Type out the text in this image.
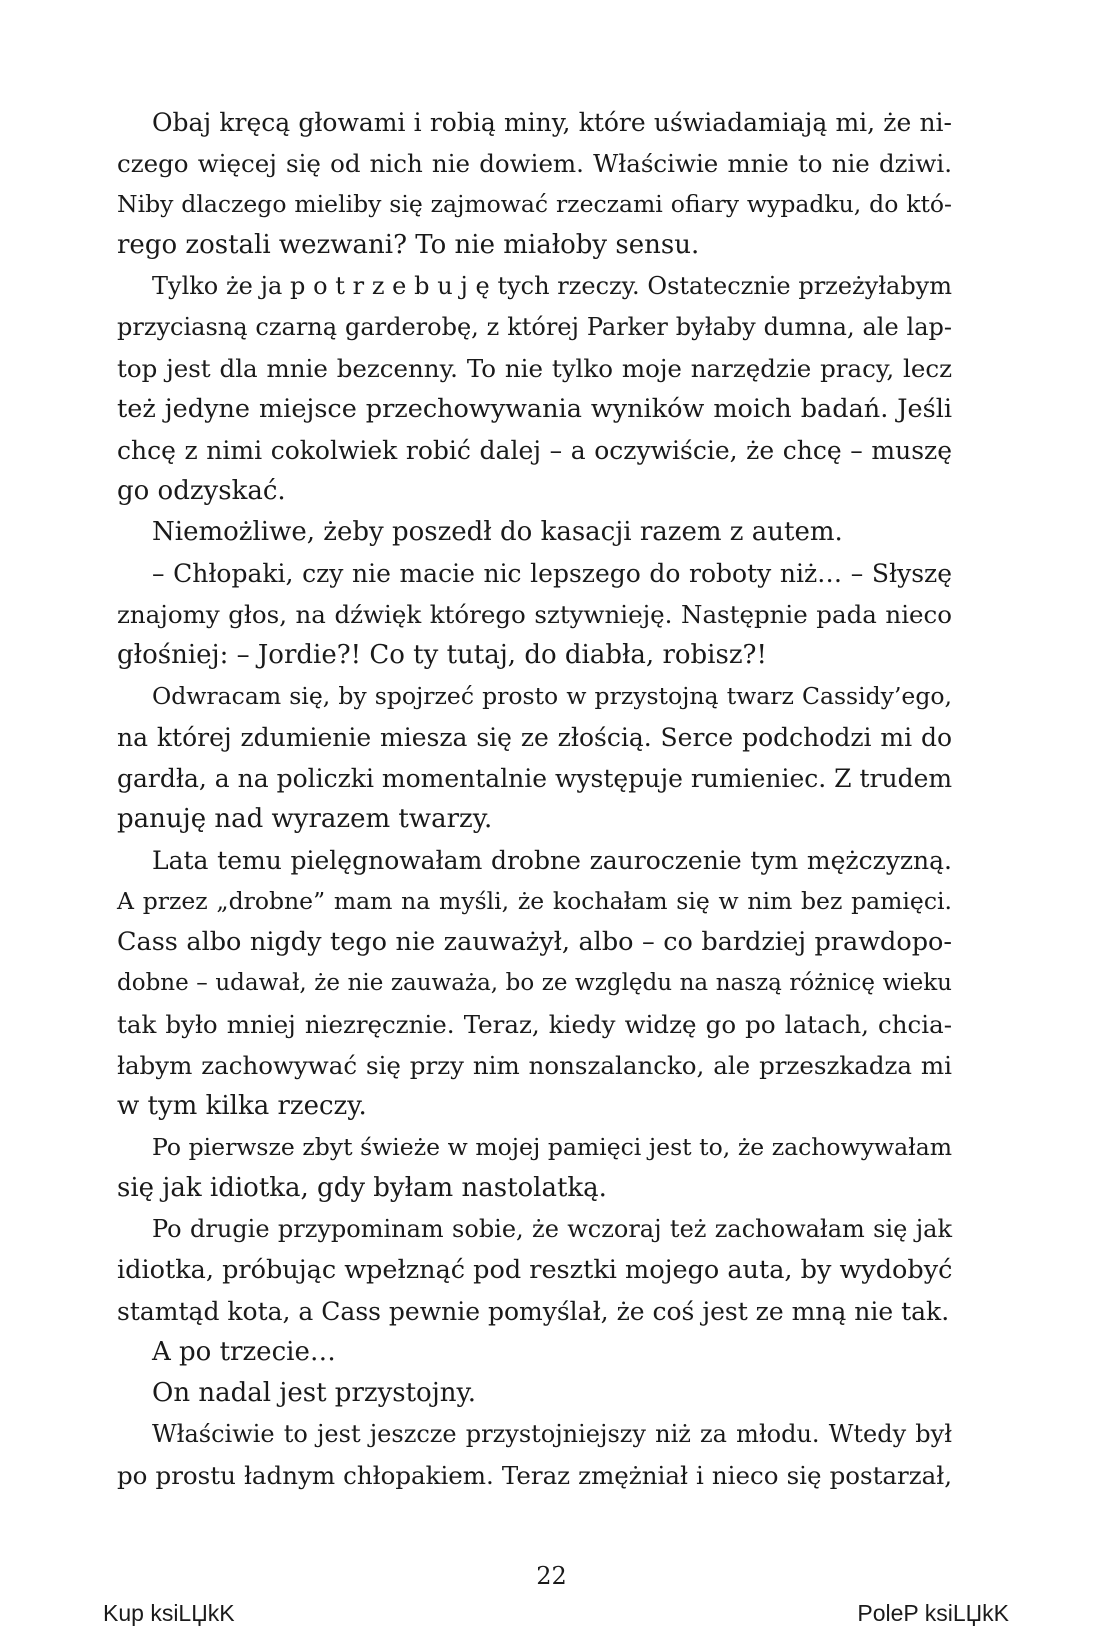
Obaj kręcą głowami i robią miny, które uświadamiają mi, że ni-
czego więcej się od nich nie dowiem. Właściwie mnie to nie dziwi.
Niby dlaczego mieliby się zajmować rzeczami ofiary wypadku, do któ-
rego zostali wezwani? To nie miałoby sensu.
Tylko że ja p o t r z e b u j ę tych rzeczy. Ostatecznie przeżyłabym
przyciasną czarną garderobę, z której Parker byłaby dumna, ale lap-
top jest dla mnie bezcenny. To nie tylko moje narzędzie pracy, lecz
też jedyne miejsce przechowywania wyników moich badań. Jeśli
chcę z nimi cokolwiek robić dalej – a oczywiście, że chcę – muszę
go odzyskać.
Niemożliwe, żeby poszedł do kasacji razem z autem.
– Chłopaki, czy nie macie nic lepszego do roboty niż… – Słyszę
znajomy głos, na dźwięk którego sztywnieję. Następnie pada nieco
głośniej: – Jordie?! Co ty tutaj, do diabła, robisz?!
Odwracam się, by spojrzeć prosto w przystojną twarz Cassidy’ego,
na której zdumienie miesza się ze złością. Serce podchodzi mi do
gardła, a na policzki momentalnie występuje rumieniec. Z trudem
panuję nad wyrazem twarzy.
Lata temu pielęgnowałam drobne zauroczenie tym mężczyzną.
A przez „drobne” mam na myśli, że kochałam się w nim bez pamięci.
Cass albo nigdy tego nie zauważył, albo – co bardziej prawdopo-
dobne – udawał, że nie zauważa, bo ze względu na naszą różnicę wieku
tak było mniej niezręcznie. Teraz, kiedy widzę go po latach, chcia-
łabym zachowywać się przy nim nonszalancko, ale przeszkadza mi
w tym kilka rzeczy.
Po pierwsze zbyt świeże w mojej pamięci jest to, że zachowywałam
się jak idiotka, gdy byłam nastolatką.
Po drugie przypominam sobie, że wczoraj też zachowałam się jak
idiotka, próbując wpełznąć pod resztki mojego auta, by wydobyć
stamtąd kota, a Cass pewnie pomyślał, że coś jest ze mną nie tak.
A po trzecie…
On nadal jest przystojny.
Właściwie to jest jeszcze przystojniejszy niż za młodu. Wtedy był
po prostu ładnym chłopakiem. Teraz zmężniał i nieco się postarzał,
22
Kup ksiLЏkK	PoleP ksiLЏkK
